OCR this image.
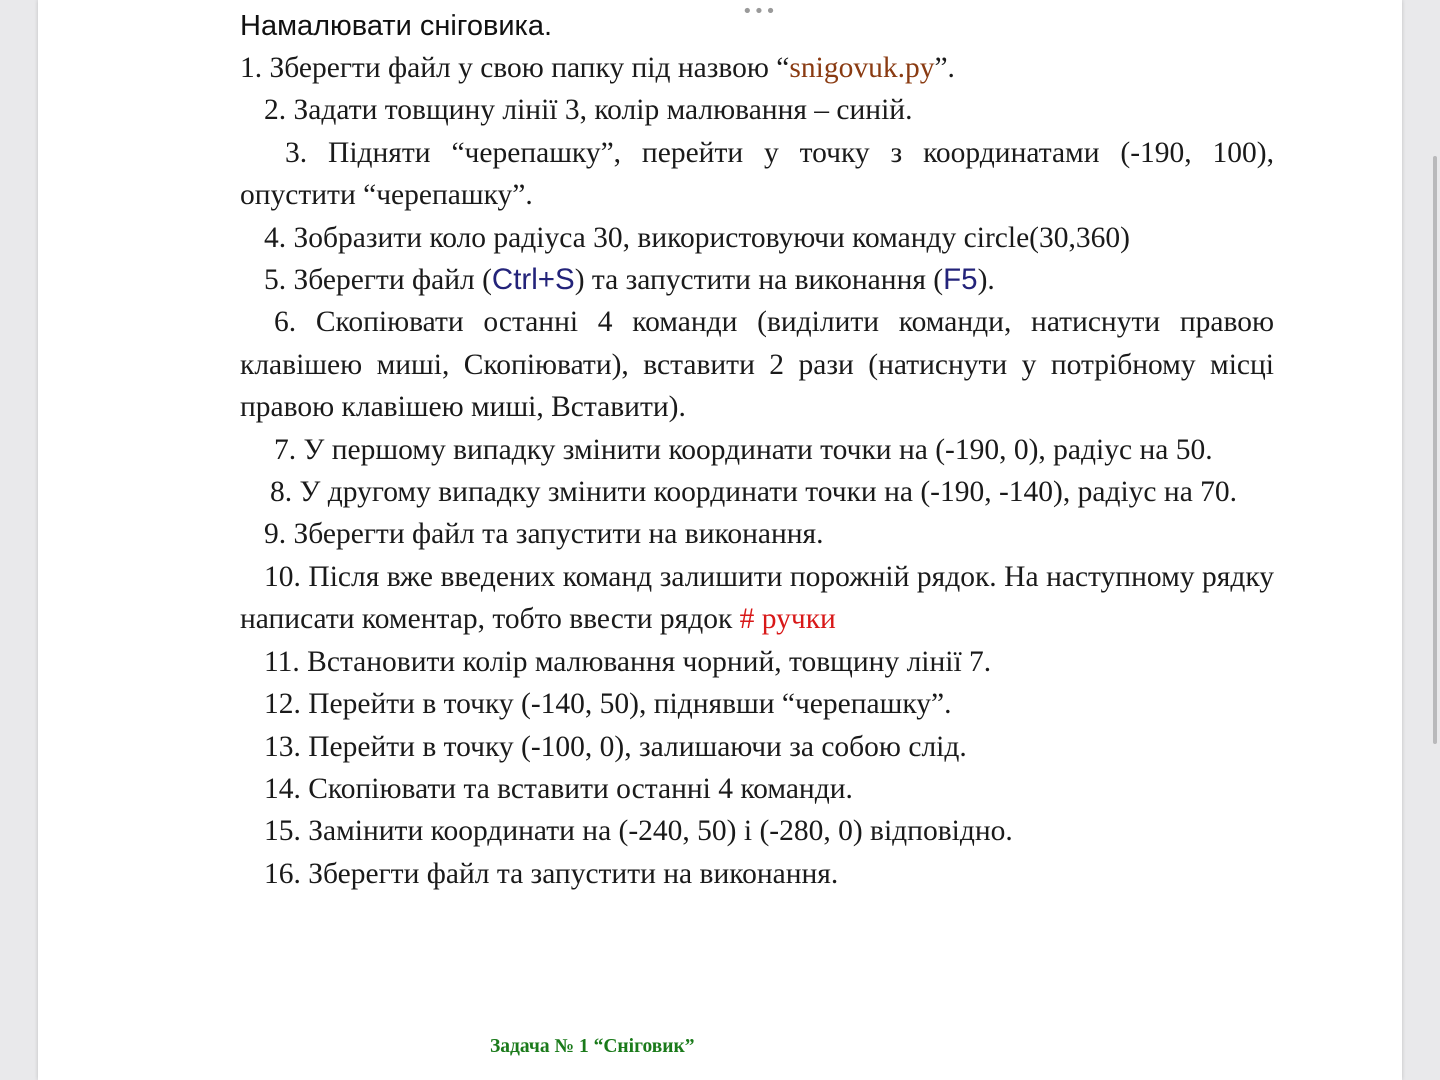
•••
Намалювати сніговика.

1. Зберегти файл у свою папку під назвою “snigovuk.py”.

2. Задати товщину лінії 3, колір малювання – синій.

3. Підняти “черепашку”, перейти у точку з координатами (-190, 100), опустити “черепашку”.

4. Зобразити коло радіуса 30, використовуючи команду circle(30,360)

5. Зберегти файл (Ctrl+S) та запустити на виконання (F5).

6. Скопіювати останні 4 команди (виділити команди, натиснути правою клавішею миші, Скопіювати), вставити 2 рази (натиснути у потрібному місці правою клавішею миші, Вставити).

7. У першому випадку змінити координати точки на (-190, 0), радіус на 50.

8. У другому випадку змінити координати точки на (-190, -140), радіус на 70.

9. Зберегти файл та запустити на виконання.

10. Після вже введених команд залишити порожній рядок. На наступному рядку написати коментар, тобто ввести рядок # ручки

11. Встановити колір малювання чорний, товщину лінії 7.

12. Перейти в точку (-140, 50), піднявши “черепашку”.

13. Перейти в точку (-100, 0), залишаючи за собою слід.

14. Скопіювати та вставити останні 4 команди.

15. Замінити координати на (-240, 50) і (-280, 0) відповідно.

16. Зберегти файл та запустити на виконання.

Задача № 1 “Сніговик”
